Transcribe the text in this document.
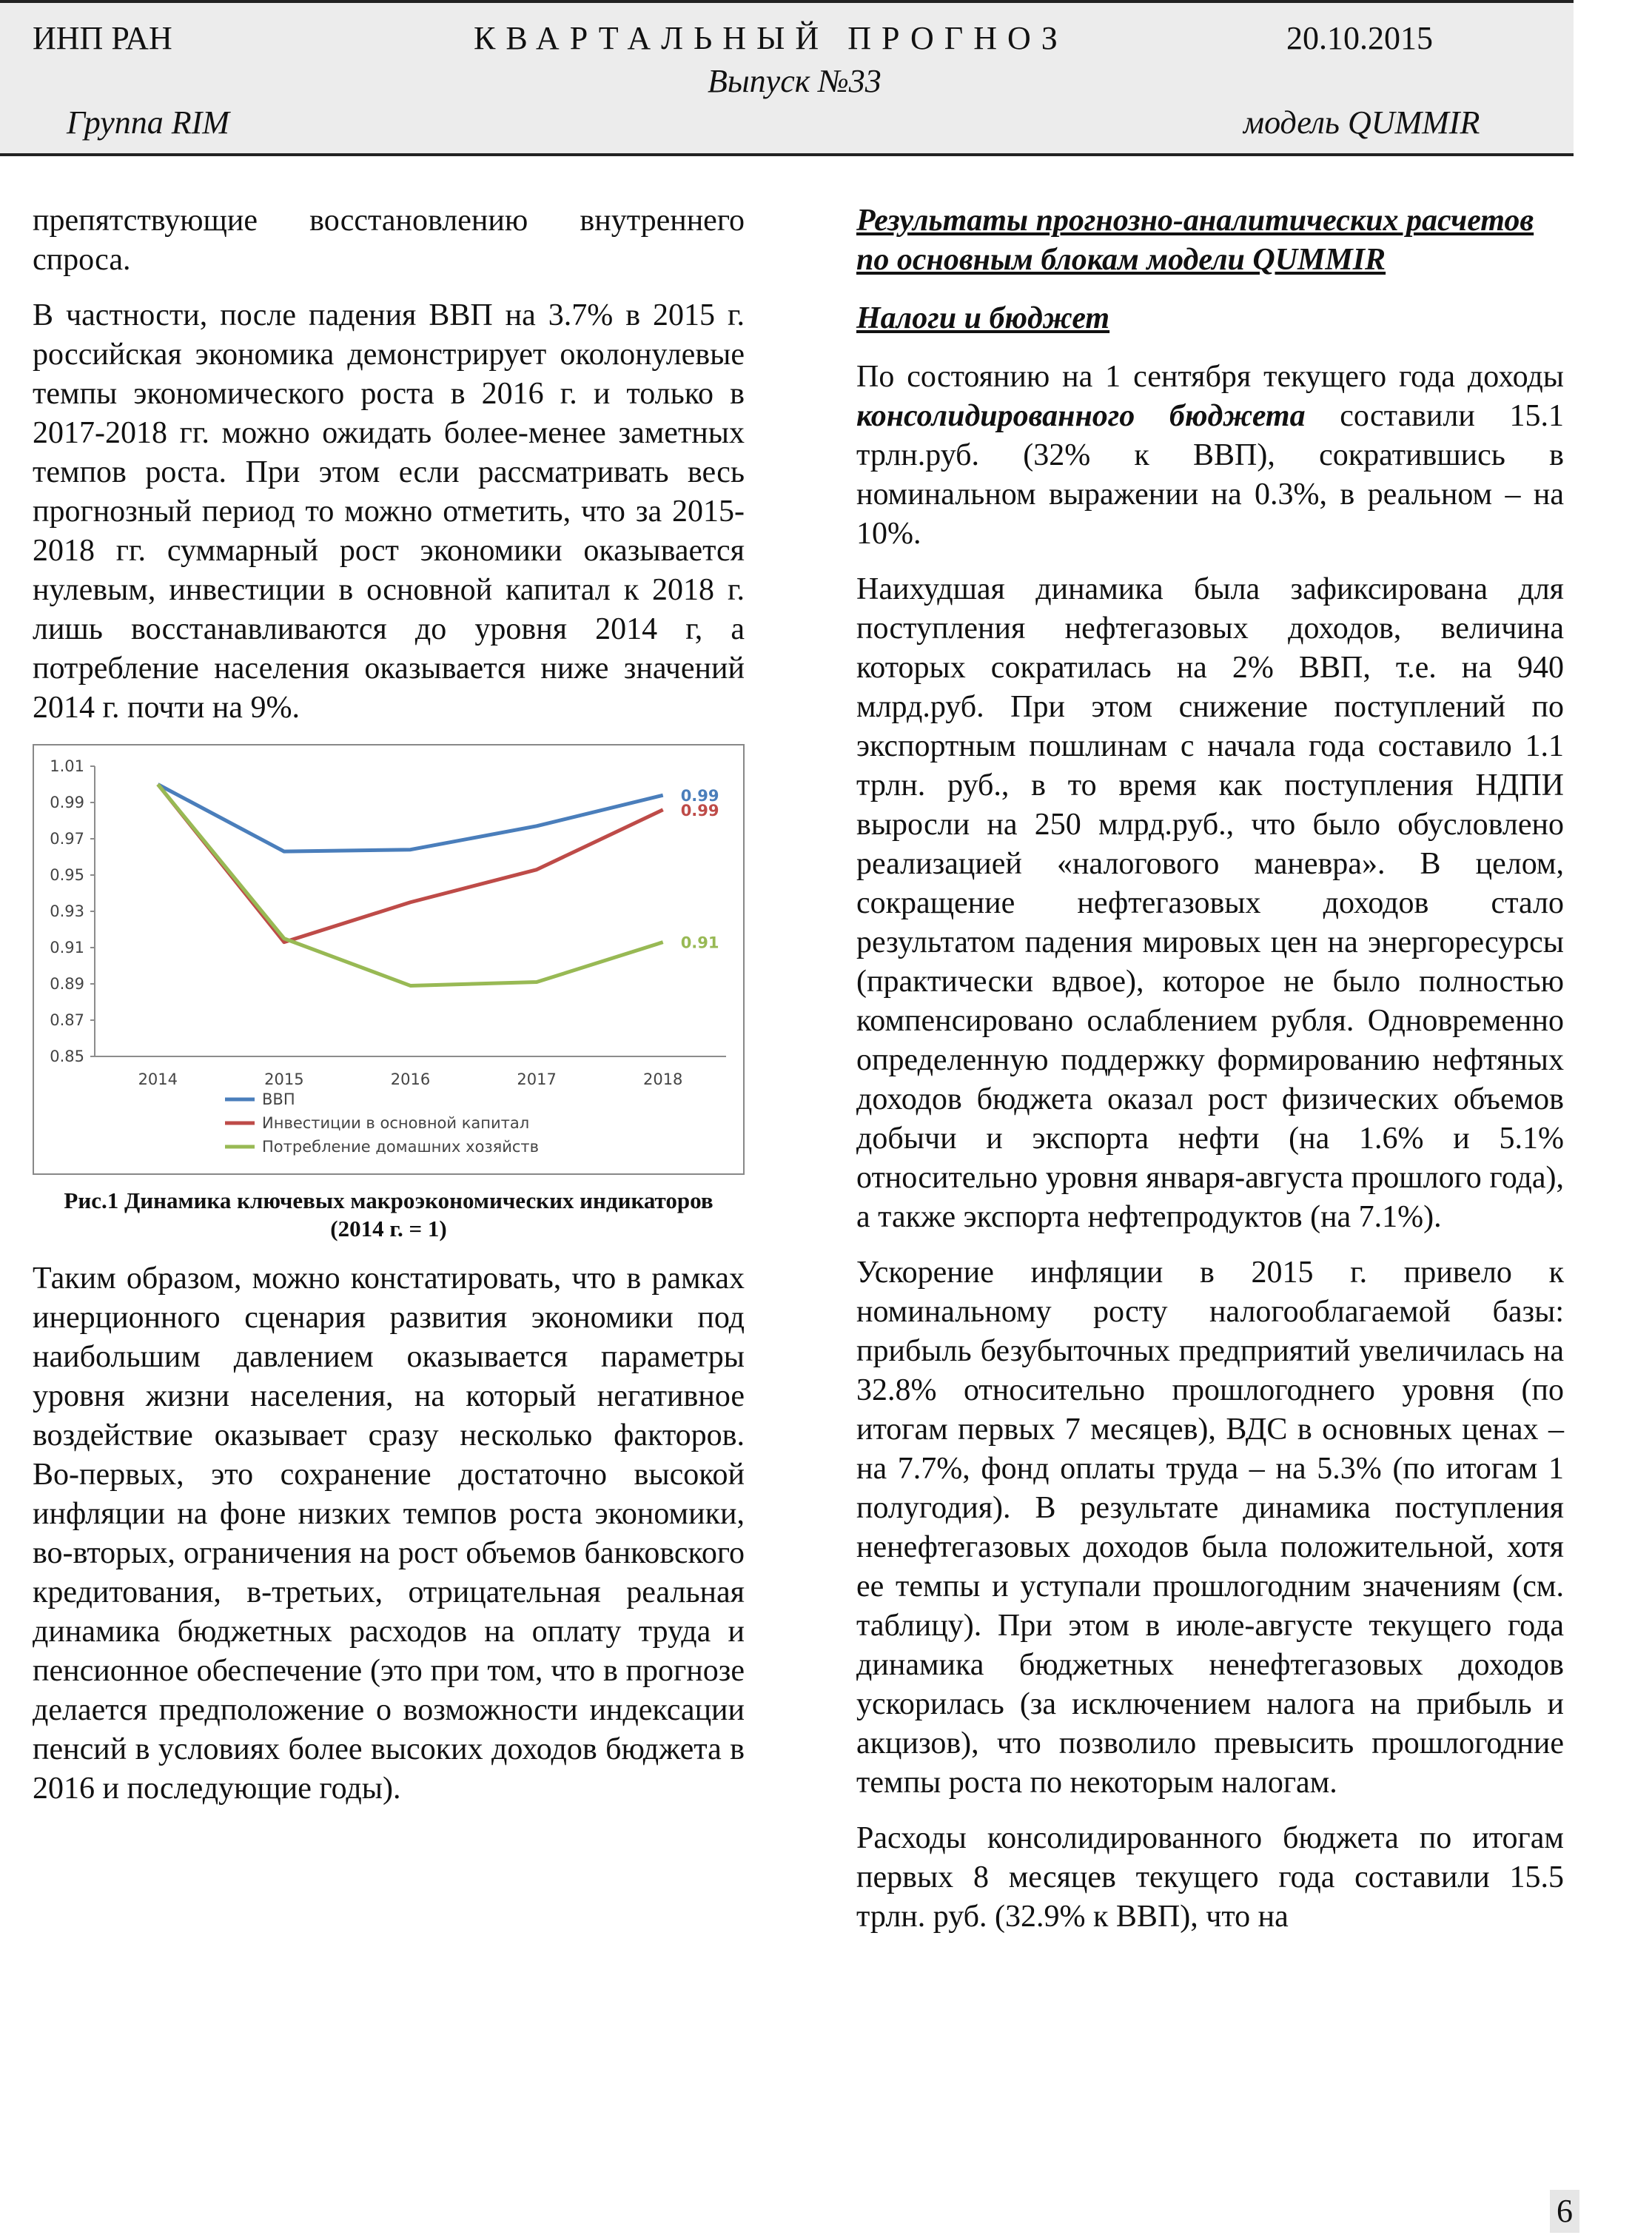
ИНП РАН	КВАРТАЛЬНЫЙ ПРОГНОЗ	20.10.2015
Выпуск №33
Группа RIM	модель QUMMIR

препятствующие восстановлению внутреннего спроса.

В частности, после падения ВВП на 3.7% в 2015 г. российская экономика демонстрирует околонулевые темпы экономического роста в 2016 г. и только в 2017-2018 гг. можно ожидать более-менее заметных темпов роста. При этом если рассматривать весь прогнозный период то можно отметить, что за 2015-2018 гг. суммарный рост экономики оказывается нулевым, инвестиции в основной капитал к 2018 г. лишь восстанавливаются до уровня 2014 г, а потребление населения оказывается ниже значений 2014 г. почти на 9%.

1.01
0.99
0.97
0.95
0.93
0.91
0.89
0.87
0.85
2014	2015	2016	2017	2018
0.99
ВВП
0.99
Инвестиции в основной капитал
0.91
Потребление домашних хозяйств
Рис.1 Динамика ключевых макроэкономических индикаторов
(2014 г. = 1)

Таким образом, можно констатировать, что в рамках инерционного сценария развития экономики под наибольшим давлением оказывается параметры уровня жизни населения, на который негативное воздействие оказывает сразу несколько факторов. Во-первых, это сохранение достаточно высокой инфляции на фоне низких темпов роста экономики, во-вторых, ограничения на рост объемов банковского кредитования, в-третьих, отрицательная реальная динамика бюджетных расходов на оплату труда и пенсионное обеспечение (это при том, что в прогнозе делается предположение о возможности индексации пенсий в условиях более высоких доходов бюджета в 2016 и последующие годы).

Результаты прогнозно-аналитических расчетов по основным блокам модели QUMMIR

Налоги и бюджет

По состоянию на 1 сентября текущего года доходы консолидированного бюджета составили 15.1 трлн.руб. (32% к ВВП), сократившись в номинальном выражении на 0.3%, в реальном – на 10%.

Наихудшая динамика была зафиксирована для поступления нефтегазовых доходов, величина которых сократилась на 2% ВВП, т.е. на 940 млрд.руб. При этом снижение поступлений по экспортным пошлинам с начала года составило 1.1 трлн. руб., в то время как поступления НДПИ выросли на 250 млрд.руб., что было обусловлено реализацией «налогового маневра». В целом, сокращение нефтегазовых доходов стало результатом падения мировых цен на энергоресурсы (практически вдвое), которое не было полностью компенсировано ослаблением рубля. Одновременно определенную поддержку формированию нефтяных доходов бюджета оказал рост физических объемов добычи и экспорта нефти (на 1.6% и 5.1% относительно уровня января-августа прошлого года), а также экспорта нефтепродуктов (на 7.1%).

Ускорение инфляции в 2015 г. привело к номинальному росту налогооблагаемой базы: прибыль безубыточных предприятий увеличилась на 32.8% относительно прошлогоднего уровня (по итогам первых 7 месяцев), ВДС в основных ценах – на 7.7%, фонд оплаты труда – на 5.3% (по итогам 1 полугодия). В результате динамика поступления ненефтегазовых доходов была положительной, хотя ее темпы и уступали прошлогодним значениям (см. таблицу). При этом в июле-августе текущего года динамика бюджетных ненефтегазовых доходов ускорилась (за исключением налога на прибыль и акцизов), что позволило превысить прошлогодние темпы роста по некоторым налогам.

Расходы консолидированного бюджета по итогам первых 8 месяцев текущего года составили 15.5 трлн. руб. (32.9% к ВВП), что на

6
